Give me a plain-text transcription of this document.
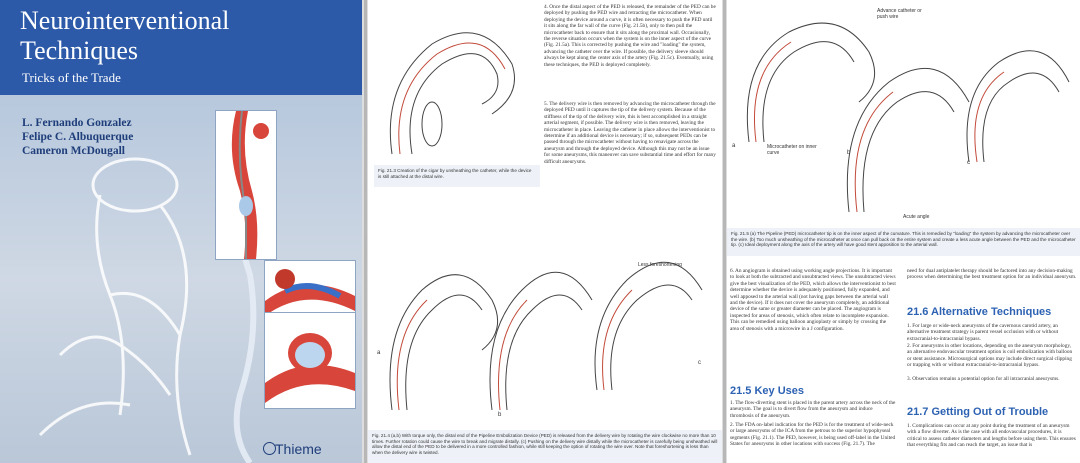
Neurointerventional
Techniques

Tricks of the Trade

L. Fernando Gonzalez
Felipe C. Albuquerque
Cameron McDougall

Thieme

Fig. 21.3 Creation of the cigar by unsheathing the catheter, while the device is still attached at the distal wire.

4. Once the distal aspect of the PED is released, the remainder of the PED can be deployed by pushing the PED wire and retracting the microcatheter. When deploying the device around a curve, it is often necessary to push the PED until it sits along the far wall of the curve (Fig. 21.5b), only to then pull the microcatheter back to ensure that it sits along the proximal wall. Occasionally, the reverse situation occurs when the system is on the inner aspect of the curve (Fig. 21.5a). This is corrected by pushing the wire and "loading" the system, advancing the catheter over the wire. If possible, the delivery sleeve should always be kept along the center axis of the artery (Fig. 21.5c). Eventually, using these techniques, the PED is deployed completely.

5. The delivery wire is then removed by advancing the microcatheter through the deployed PED until it captures the tip of the delivery system. Because of the stiffness of the tip of the delivery wire, this is best accomplished in a straight arterial segment, if possible. The delivery wire is then removed, leaving the microcatheter in place. Leaving the catheter in place allows the interventionist to determine if an additional device is necessary; if so, subsequent PEDs can be passed through the microcatheter without having to renavigate across the aneurysm and through the deployed device. Although this may not be an issue for some aneurysms, this maneuver can save substantial time and effort for many difficult aneurysms.

Less foreshortening
a
b
c

Fig. 21.4 (a,b) With torque only, the distal end of the Pipeline Embolization Device (PED) is released from the delivery wire by rotating the wire clockwise no more than 10 times. Further rotation could cause the wire to break and migrate distally. (c) Pushing on the delivery wire distally while the microcatheter is carefully being unsheathed will allow the distal end of the PED to be delivered in a more controlled fashion, while still keeping the option of rotating the wire over. Note that foreshortening is less than when the delivery wire is twisted.

Advance catheter or push wire
Microcatheter on inner curve
Acute angle
a
b
c

Fig. 21.5 (a) The Pipeline (PED) microcatheter tip is on the inner aspect of the curvature. This is remedied by "loading" the system by advancing the microcatheter over the wire. (b) Too much unsheathing of the microcatheter at once can pull back on the entire system and create a less acute angle between the PED and the microcatheter tip. (c) Ideal deployment along the axis of the artery will have good stent apposition to the arterial wall.

6. An angiogram is obtained using working angle projections. It is important to look at both the subtracted and unsubtracted views. The unsubtracted views give the best visualization of the PED, which allows the interventionist to best determine whether the device is adequately positioned, fully expanded, and well apposed to the arterial wall (not having gaps between the arterial wall and the device). If it does not cover the aneurysm completely, an additional device of the same or greater diameter can be placed. The angiogram is inspected for areas of stenosis, which often relate to incomplete expansion. This can be remedied using balloon angioplasty or simply by crossing the area of stenosis with a microwire in a J configuration.

21.5 Key Uses

1. The flow-diverting stent is placed in the parent artery across the neck of the aneurysm. The goal is to divert flow from the aneurysm and induce thrombosis of the aneurysm.

2. The FDA on-label indication for the PED is for the treatment of wide-neck or large aneurysms of the ICA from the petrous to the superior hypophyseal segments (Fig. 21.1). The PED, however, is being used off-label in the United States for aneurysms in other locations with success (Fig. 21.7). The

need for dual antiplatelet therapy should be factored into any decision-making process when determining the best treatment option for an individual aneurysm.

21.6 Alternative Techniques

1. For large or wide-neck aneurysms of the cavernous carotid artery, an alternative treatment strategy is parent vessel occlusion with or without extracranial-to-intracranial bypass.

2. For aneurysms in other locations, depending on the aneurysm morphology, an alternative endovascular treatment option is coil embolization with balloon or stent assistance. Microsurgical options may include direct surgical clipping or trapping with or without extracranial-to-intracranial bypass.

3. Observation remains a potential option for all intracranial aneurysms.

21.7 Getting Out of Trouble

1. Complications can occur at any point during the treatment of an aneurysm with a flow diverter. As is the case with all endovascular procedures, it is critical to assess catheter diameters and lengths before using them. This ensures that everything fits and can reach the target, an issue that is
